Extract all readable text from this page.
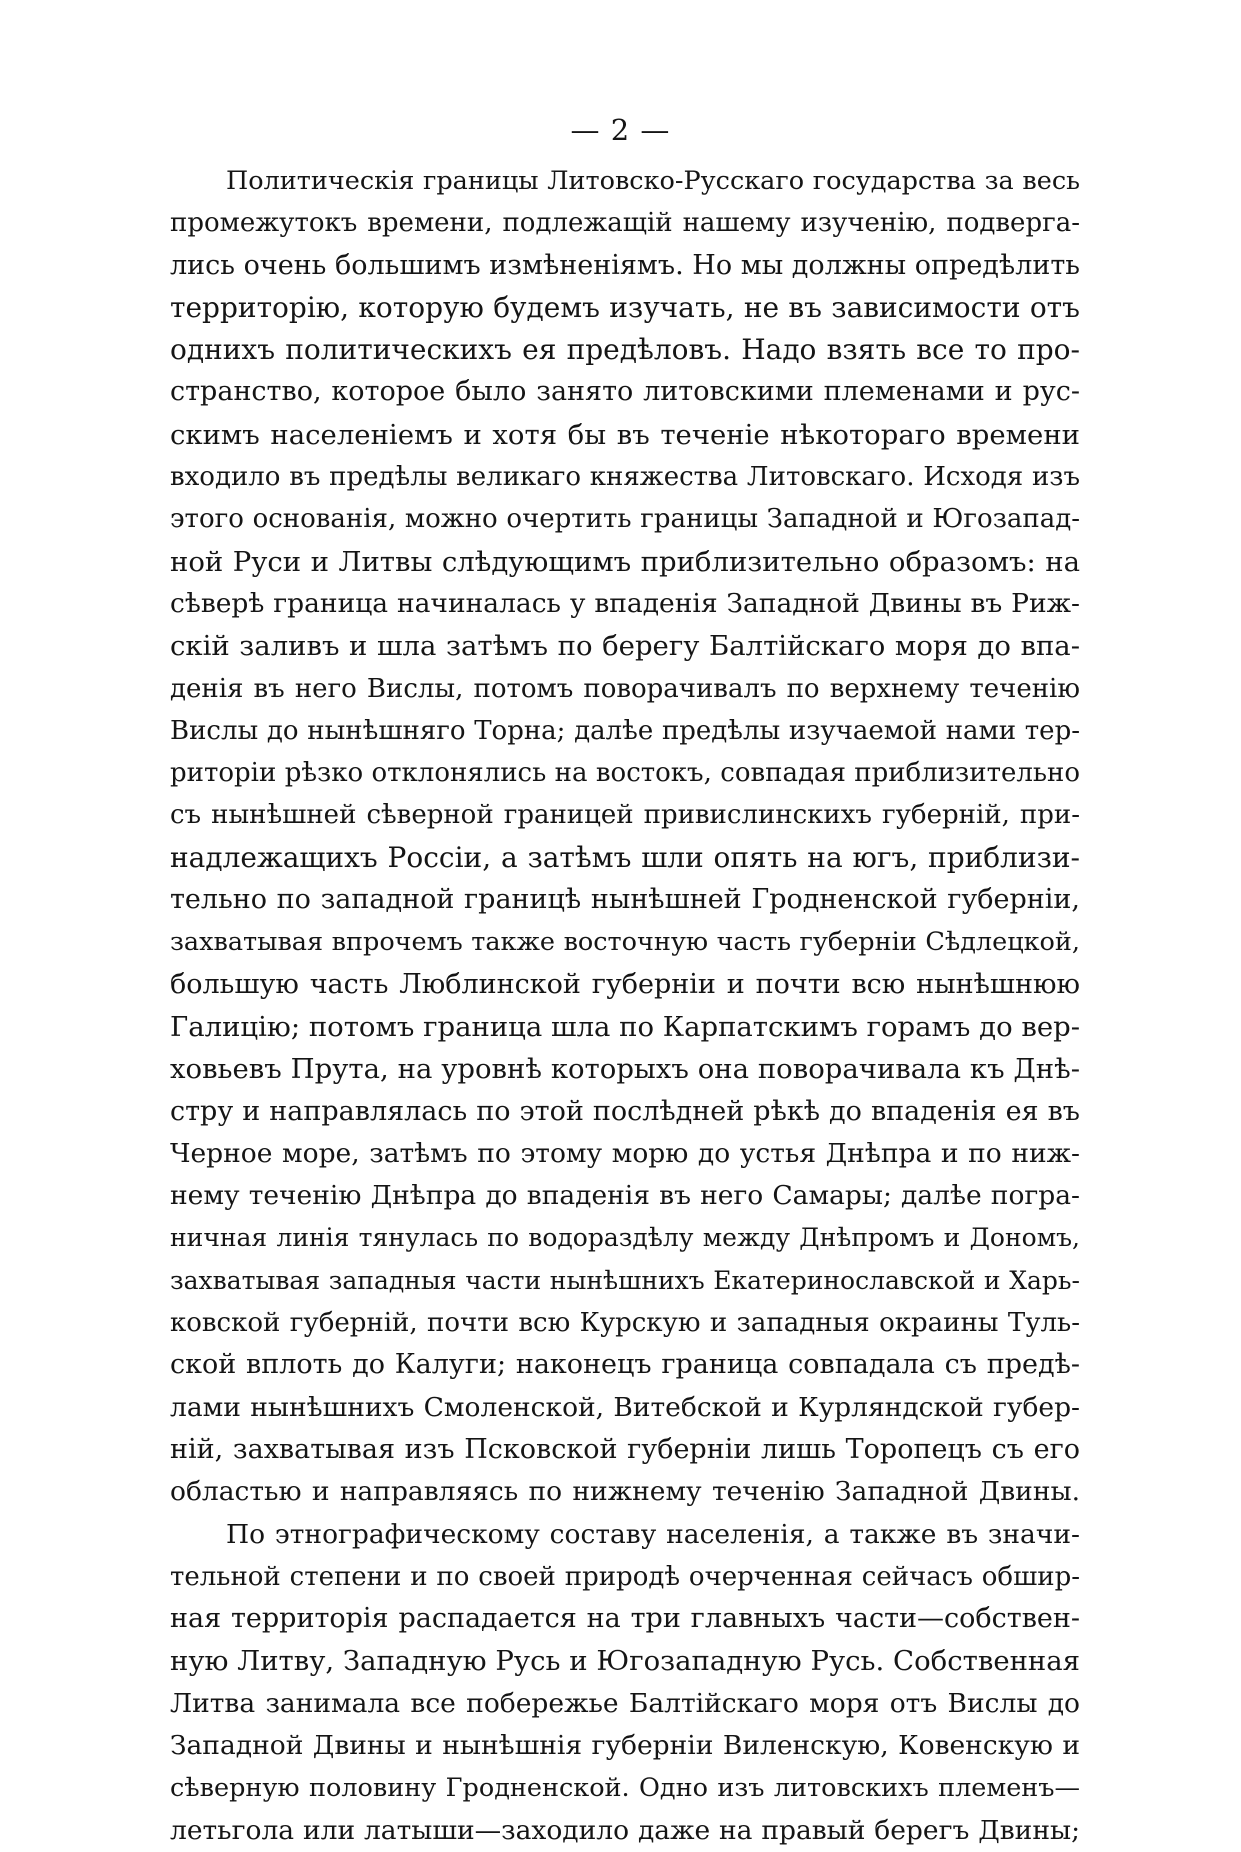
— 2 —
Политическія границы Литовско-Русскаго государства за весь
промежутокъ времени, подлежащій нашему изученію, подверга-
лись очень большимъ измѣненіямъ. Но мы должны опредѣлить
территорію, которую будемъ изучать, не въ зависимости отъ
однихъ политическихъ ея предѣловъ. Надо взять все то про-
странство, которое было занято литовскими племенами и рус-
скимъ населеніемъ и хотя бы въ теченіе нѣкотораго времени
входило въ предѣлы великаго княжества Литовскаго. Исходя изъ
этого основанія, можно очертить границы Западной и Югозапад-
ной Руси и Литвы слѣдующимъ приблизительно образомъ: на
сѣверѣ граница начиналась у впаденія Западной Двины въ Риж-
скій заливъ и шла затѣмъ по берегу Балтійскаго моря до впа-
денія въ него Вислы, потомъ поворачивалъ по верхнему теченію
Вислы до нынѣшняго Торна; далѣе предѣлы изучаемой нами тер-
риторіи рѣзко отклонялись на востокъ, совпадая приблизительно
съ нынѣшней сѣверной границей привислинскихъ губерній, при-
надлежащихъ Россіи, а затѣмъ шли опять на югъ, приблизи-
тельно по западной границѣ нынѣшней Гродненской губерніи,
захватывая впрочемъ также восточную часть губерніи Сѣдлецкой,
большую часть Люблинской губерніи и почти всю нынѣшнюю
Галицію; потомъ граница шла по Карпатскимъ горамъ до вер-
ховьевъ Прута, на уровнѣ которыхъ она поворачивала къ Днѣ-
стру и направлялась по этой послѣдней рѣкѣ до впаденія ея въ
Черное море, затѣмъ по этому морю до устья Днѣпра и по ниж-
нему теченію Днѣпра до впаденія въ него Самары; далѣе погра-
ничная линія тянулась по водораздѣлу между Днѣпромъ и Дономъ,
захватывая западныя части нынѣшнихъ Екатеринославской и Харь-
ковской губерній, почти всю Курскую и западныя окраины Туль-
ской вплоть до Калуги; наконецъ граница совпадала съ предѣ-
лами нынѣшнихъ Смоленской, Витебской и Курляндской губер-
ній, захватывая изъ Псковской губерніи лишь Торопецъ съ его
областью и направляясь по нижнему теченію Западной Двины.
По этнографическому составу населенія, а также въ значи-
тельной степени и по своей природѣ очерченная сейчасъ обшир-
ная территорія распадается на три главныхъ части—собствен-
ную Литву, Западную Русь и Югозападную Русь. Собственная
Литва занимала все побережье Балтійскаго моря отъ Вислы до
Западной Двины и нынѣшнія губерніи Виленскую, Ковенскую и
сѣверную половину Гродненской. Одно изъ литовскихъ племенъ—
летьгола или латыши—заходило даже на правый берегъ Двины;
